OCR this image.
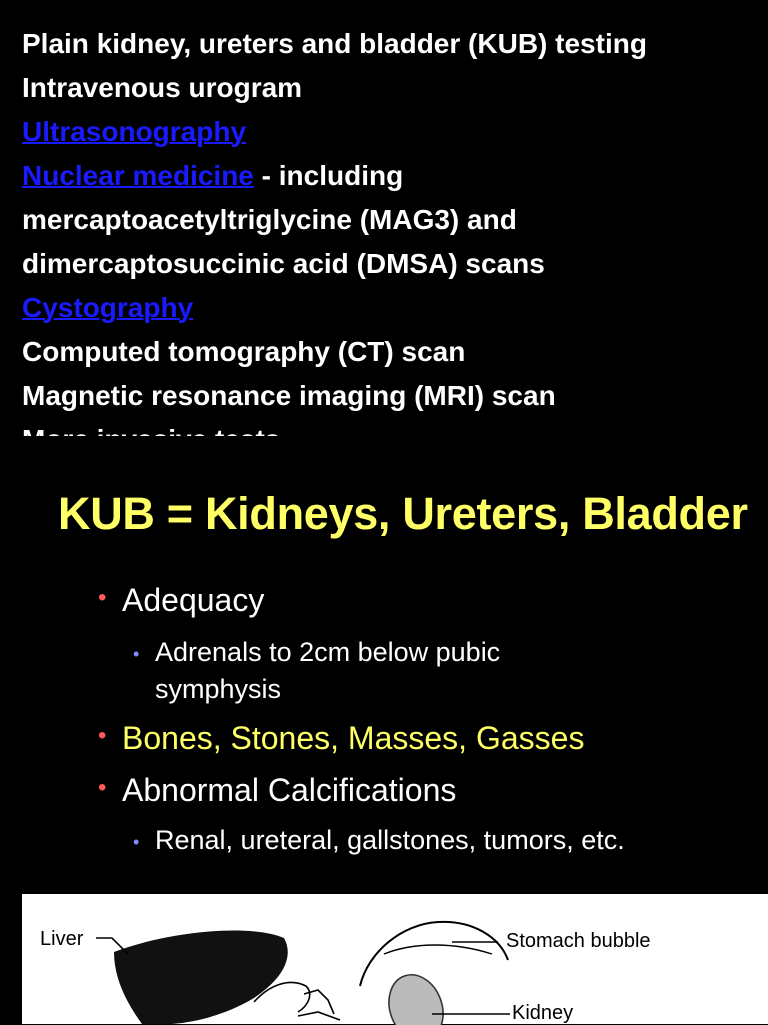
Plain kidney, ureters and bladder (KUB) testing
Intravenous urogram
Ultrasonography
Nuclear medicine - including
mercaptoacetyltriglycine (MAG3) and
dimercaptosuccinic acid (DMSA) scans
Cystography
Computed tomography (CT) scan
Magnetic resonance imaging (MRI) scan
KUB = Kidneys, Ureters, Bladder
• Adequacy
• Adrenals to 2cm below pubic
symphysis
• Bones, Stones, Masses, Gasses
• Abnormal Calcifications
• Renal, ureteral, gallstones, tumors, etc.
Liver	Stomach bubble
Kidney
